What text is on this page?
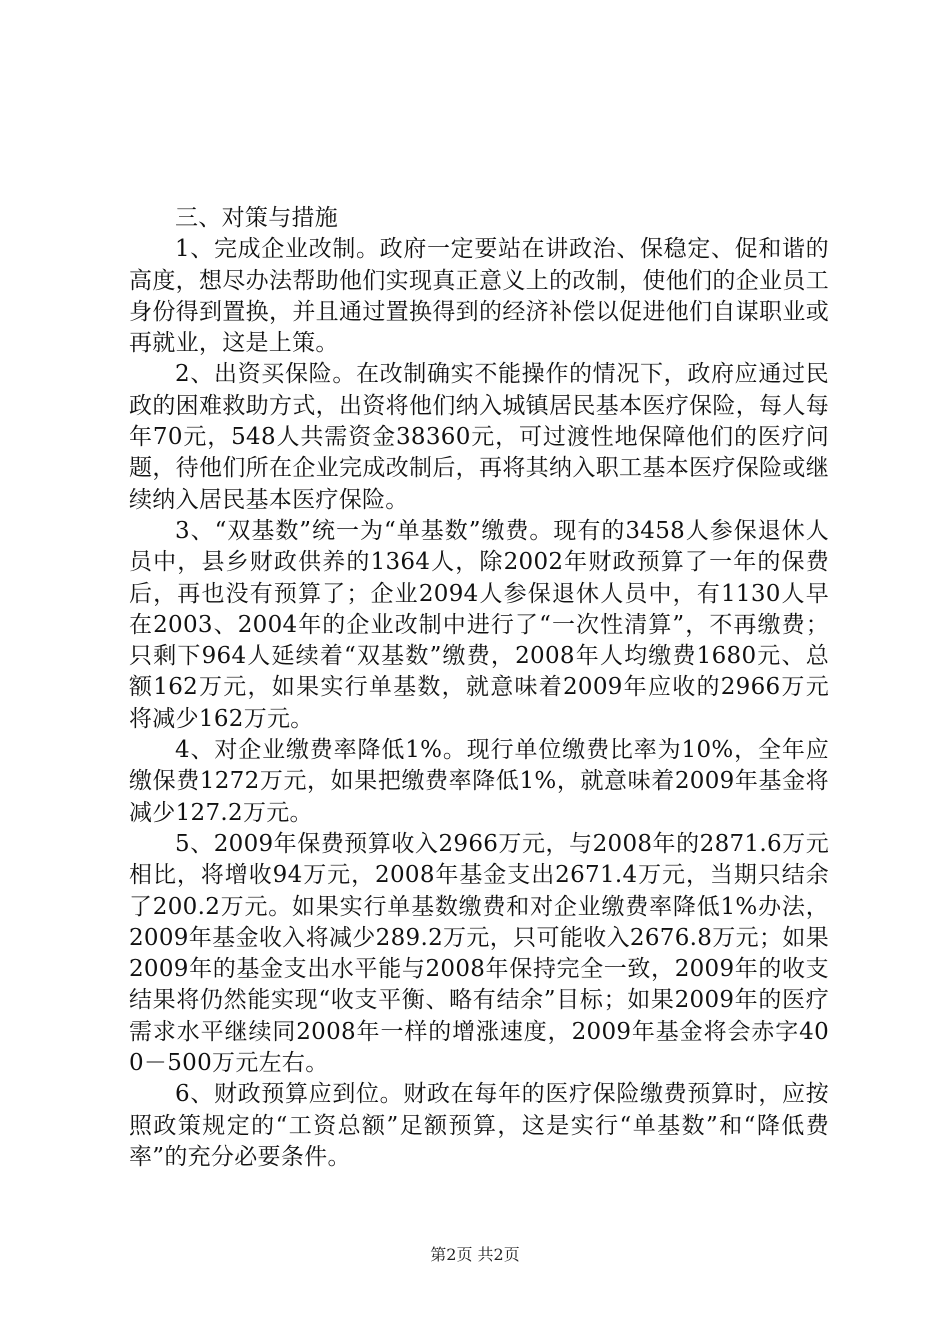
三、对策与措施

1、完成企业改制。政府一定要站在讲政治、保稳定、促和谐的高度，想尽办法帮助他们实现真正意义上的改制，使他们的企业员工身份得到置换，并且通过置换得到的经济补偿以促进他们自谋职业或再就业，这是上策。

2、出资买保险。在改制确实不能操作的情况下，政府应通过民政的困难救助方式，出资将他们纳入城镇居民基本医疗保险，每人每年70元，548人共需资金38360元，可过渡性地保障他们的医疗问题，待他们所在企业完成改制后，再将其纳入职工基本医疗保险或继续纳入居民基本医疗保险。

3、“双基数”统一为“单基数”缴费。现有的3458人参保退休人员中，县乡财政供养的1364人，除2002年财政预算了一年的保费后，再也没有预算了；企业2094人参保退休人员中，有1130人早在2003、2004年的企业改制中进行了“一次性清算”，不再缴费；只剩下964人延续着“双基数”缴费，2008年人均缴费1680元、总额162万元，如果实行单基数，就意味着2009年应收的2966万元将减少162万元。

4、对企业缴费率降低1%。现行单位缴费比率为10%，全年应缴保费1272万元，如果把缴费率降低1%，就意味着2009年基金将减少127.2万元。

5、2009年保费预算收入2966万元，与2008年的2871.6万元相比，将增收94万元，2008年基金支出2671.4万元，当期只结余了200.2万元。如果实行单基数缴费和对企业缴费率降低1%办法，2009年基金收入将减少289.2万元，只可能收入2676.8万元；如果2009年的基金支出水平能与2008年保持完全一致，2009年的收支结果将仍然能实现“收支平衡、略有结余”目标；如果2009年的医疗需求水平继续同2008年一样的增涨速度，2009年基金将会赤字400－500万元左右。

6、财政预算应到位。财政在每年的医疗保险缴费预算时，应按照政策规定的“工资总额”足额预算，这是实行“单基数”和“降低费率”的充分必要条件。

第2页 共2页
